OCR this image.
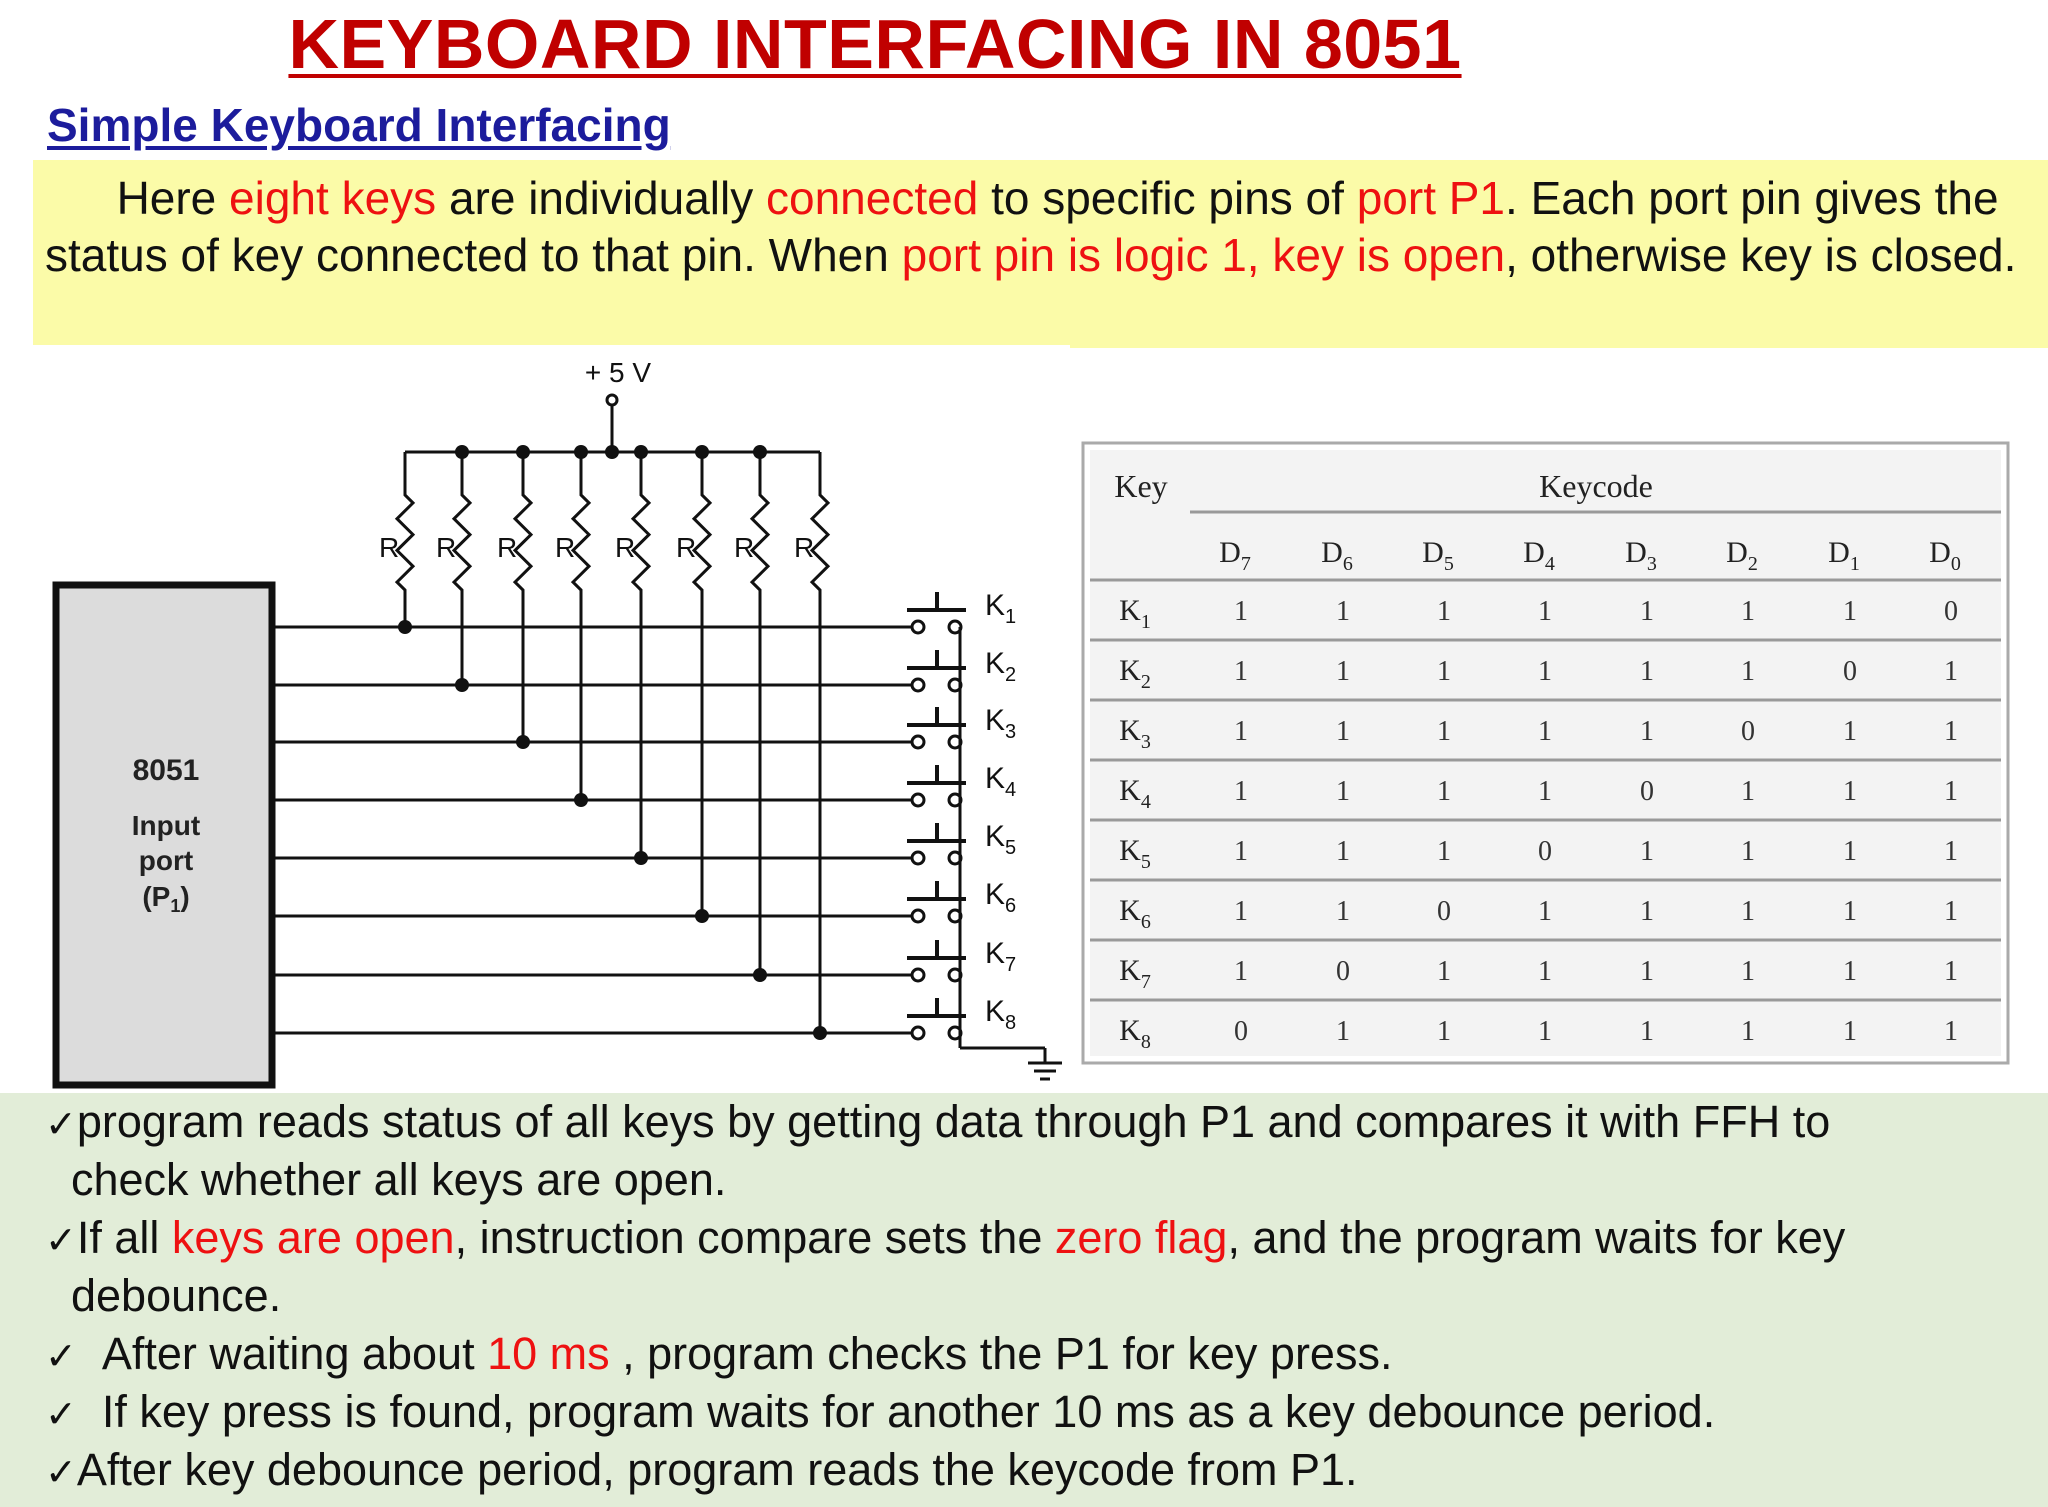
KEYBOARD INTERFACING IN 8051
Simple Keyboard Interfacing

   Here eight keys are individually connected to specific pins of port P1. Each port pin gives the status of key connected to that pin. When port pin is logic 1, key is open, otherwise key is closed.

+ 5 V
R R R R R R R R
8051
Input
port
$(P_1)$
$K_1$
$K_2$
$K_3$
$K_4$
$K_5$
$K_6$
$K_7$
$K_8$
Key	Keycode
$D_7$ $D_6$ $D_5$ $D_4$ $D_3$ $D_2$ $D_1$ $D_0$
$K_1$	1	1	1	1	1	1	1	0
$K_2$	1	1	1	1	1	1	0	1
$K_3$	1	1	1	1	1	0	1	1
$K_4$	1	1	1	1	0	1	1	1
$K_5$	1	1	1	0	1	1	1	1
$K_6$	1	1	0	1	1	1	1	1
$K_7$	1	0	1	1	1	1	1	1
$K_8$	0	1	1	1	1	1	1	1
✓program reads status of all keys by getting data through P1 and compares it with FFH to
check whether all keys are open.
✓If all keys are open, instruction compare sets the zero flag, and the program waits for key
debounce.
✓ After waiting about 10 ms , program checks the P1 for key press.
✓ If key press is found, program waits for another 10 ms as a key debounce period.
✓After key debounce period, program reads the keycode from P1.
